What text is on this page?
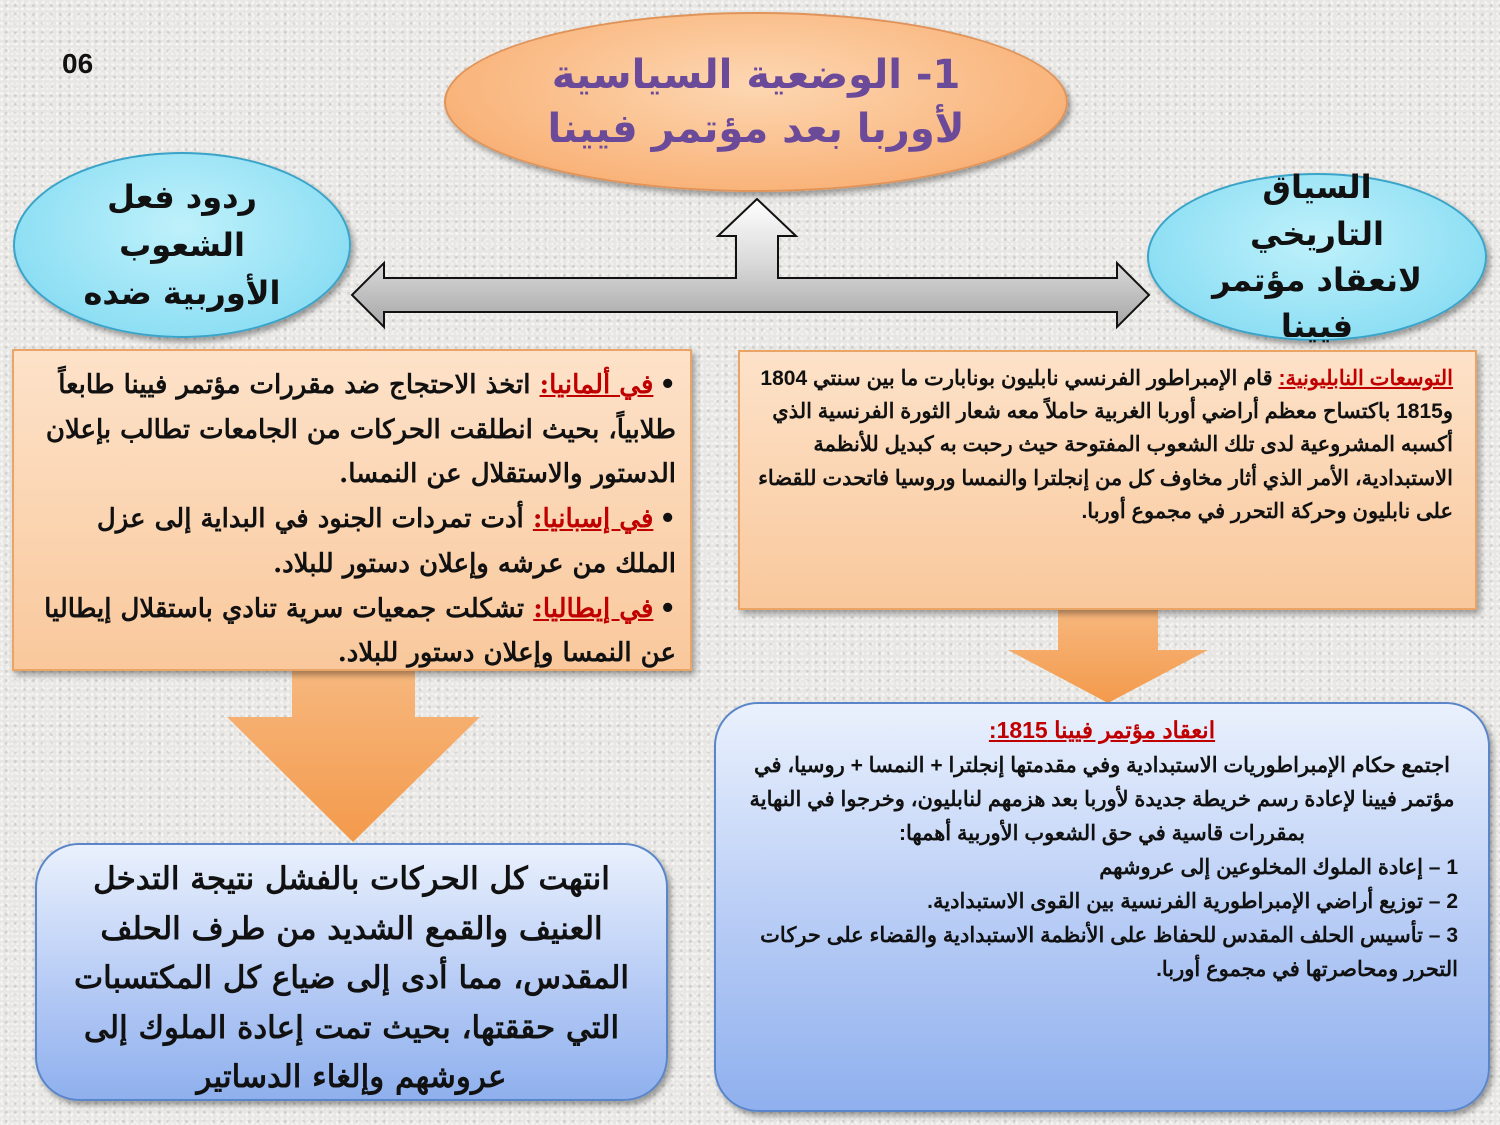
06	1- الوضعية السياسية
لأوربا بعد مؤتمر فيينا
ردود فعل
الشعوب
الأوربية ضده
السياق
التاريخي
لانعقاد مؤتمر
فيينا

•في ألمانيا: اتخذ الاحتجاج ضد مقررات مؤتمر فيينا طابعاً طلابياً، بحيث انطلقت الحركات من الجامعات تطالب بإعلان الدستور والاستقلال عن النمسا.

•في إسبانيا: أدت تمردات الجنود في البداية إلى عزل الملك من عرشه وإعلان دستور للبلاد.

•في إيطاليا: تشكلت جمعيات سرية تنادي باستقلال إيطاليا عن النمسا وإعلان دستور للبلاد.

التوسعات النابليونية: قام الإمبراطور الفرنسي نابليون بونابارت ما بين سنتي 1804 و1815 باكتساح معظم أراضي أوربا الغربية حاملاً معه شعار الثورة الفرنسية الذي أكسبه المشروعية لدى تلك الشعوب المفتوحة حيث رحبت به كبديل للأنظمة الاستبدادية، الأمر الذي أثار مخاوف كل من إنجلترا والنمسا وروسيا فاتحدت للقضاء على نابليون وحركة التحرر في مجموع أوربا.
انتهت كل الحركات بالفشل نتيجة التدخل العنيف والقمع الشديد من طرف الحلف المقدس، مما أدى إلى ضياع كل المكتسبات التي حققتها، بحيث تمت إعادة الملوك إلى عروشهم وإلغاء الدساتير
انعقاد مؤتمر فيينا 1815:
اجتمع حكام الإمبراطوريات الاستبدادية وفي مقدمتها إنجلترا + النمسا + روسيا، في مؤتمر فيينا لإعادة رسم خريطة جديدة لأوربا بعد هزمهم لنابليون، وخرجوا في النهاية بمقررات قاسية في حق الشعوب الأوربية أهمها:
1 – إعادة الملوك المخلوعين إلى عروشهم
2 – توزيع أراضي الإمبراطورية الفرنسية بين القوى الاستبدادية.
3 – تأسيس الحلف المقدس للحفاظ على الأنظمة الاستبدادية والقضاء على حركات التحرر ومحاصرتها في مجموع أوربا.
